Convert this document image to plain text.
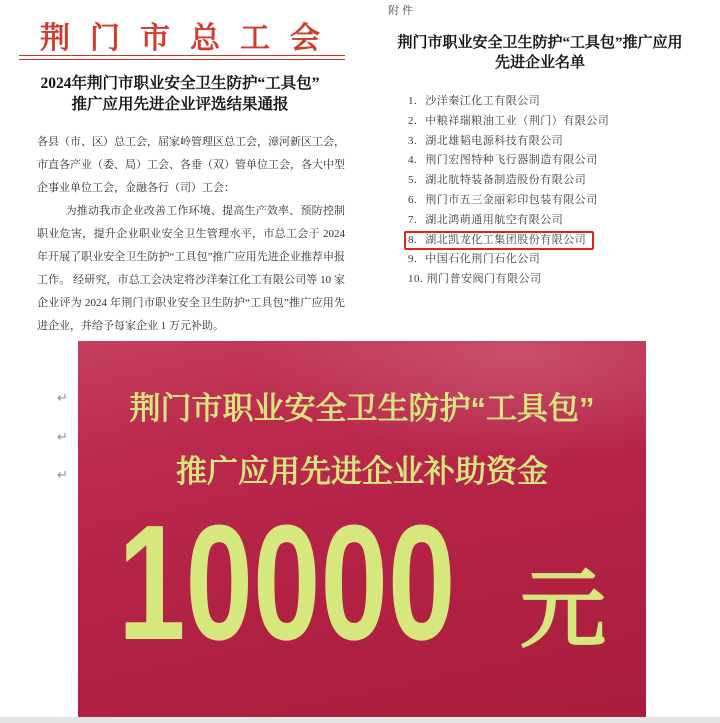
荆门市总工会
2024年荆门市职业安全卫生防护“工具包”
推广应用先进企业评选结果通报

各县（市、区）总工会，屈家岭管理区总工会，漳河新区工会，市直各产业（委、局）工会、各垂（双）管单位工会，各大中型企事业单位工会，金融各行（司）工会：

为推动我市企业改善工作环境、提高生产效率、预防控制职业危害，提升企业职业安全卫生管理水平，市总工会于 2024 年开展了职业安全卫生防护“工具包”推广应用先进企业推荐申报工作。 经研究，市总工会决定将沙洋秦江化工有限公司等 10 家企业评为 2024 年荆门市职业安全卫生防护“工具包”推广应用先进企业，并给予每家企业 1 万元补助。

附件
荆门市职业安全卫生防护“工具包”推广应用
先进企业名单
1. 沙洋秦江化工有限公司
2. 中粮祥瑞粮油工业（荆门）有限公司
3. 湖北雄韬电源科技有限公司
4. 荆门宏图特种飞行器制造有限公司
5. 湖北航特装备制造股份有限公司
6. 荆门市五三金丽彩印包装有限公司
7. 湖北鸿萌通用航空有限公司
8. 湖北凯龙化工集团股份有限公司
9. 中国石化荆门石化公司
10. 荆门普安阀门有限公司
↵
↵
↵
荆门市职业安全卫生防护“工具包”
推广应用先进企业补助资金
10000 元
